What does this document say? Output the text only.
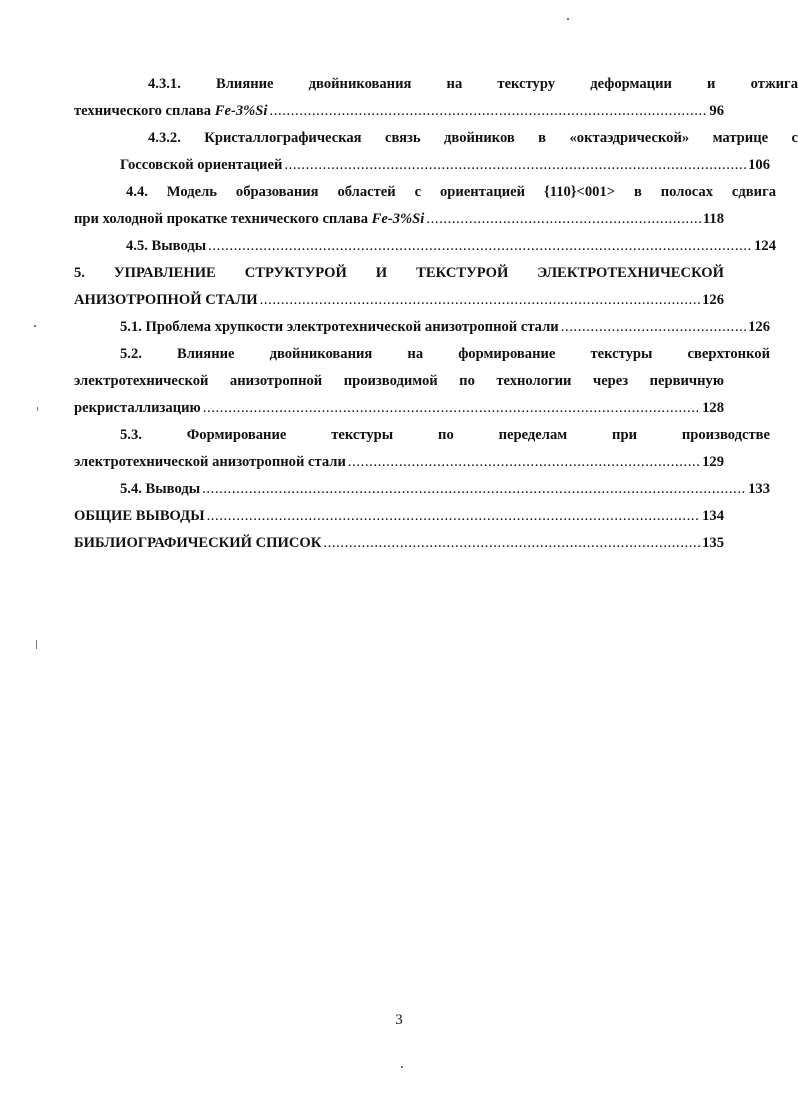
4.3.1. Влияние двойникования на текстуру деформации и отжига
технического сплава Fe-3%Si .....	96
4.3.2. Кристаллографическая связь двойников в «октаэдрической» матрице с
Госсовской ориентацией .....	106
4.4. Модель образования областей с ориентацией {110}<001> в полосах сдвига
при холодной прокатке технического сплава Fe-3%Si .....	118
4.5. Выводы .....	124
5. УПРАВЛЕНИЕ СТРУКТУРОЙ И ТЕКСТУРОЙ ЭЛЕКТРОТЕХНИЧЕСКОЙ
АНИЗОТРОПНОЙ СТАЛИ .....	126
5.1. Проблема хрупкости электротехнической анизотропной стали .....	126
5.2. Влияние двойникования на формирование текстуры сверхтонкой
электротехнической анизотропной производимой по технологии через первичную
рекристаллизацию .....	128
5.3. Формирование текстуры по переделам при производстве
электротехнической анизотропной стали .....	129
5.4. Выводы .....	133
ОБЩИЕ ВЫВОДЫ .....	134
БИБЛИОГРАФИЧЕСКИЙ СПИСОК .....	135
3
